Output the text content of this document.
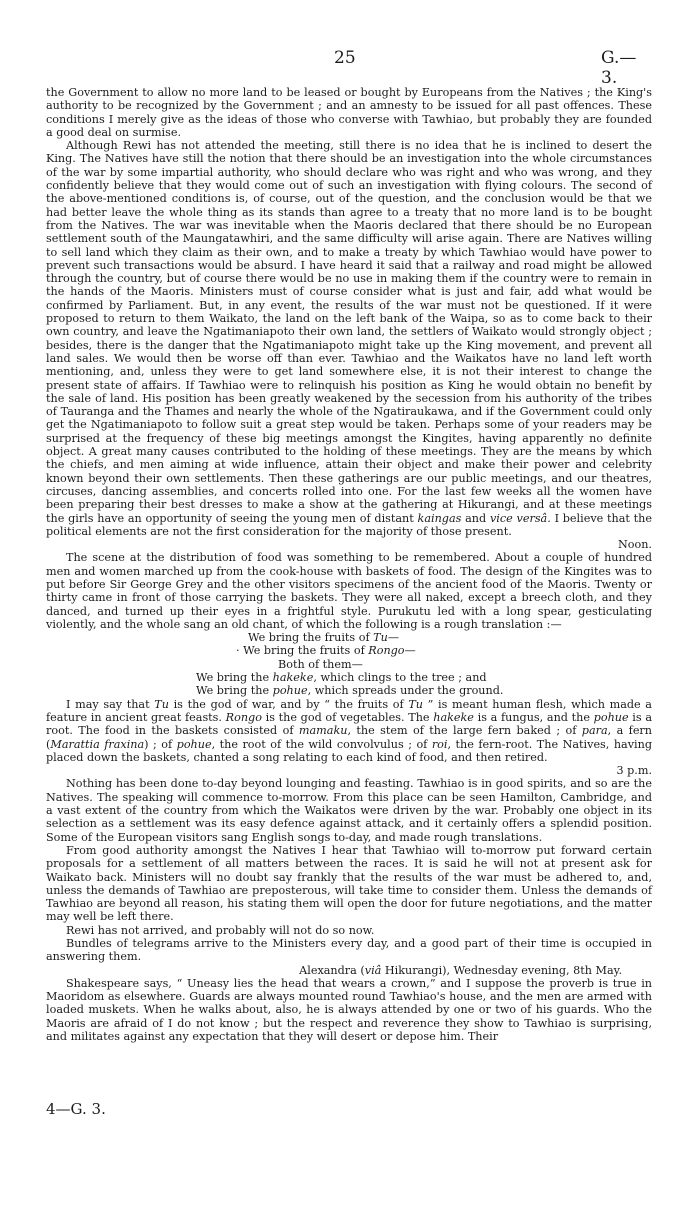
25	G.—3.

the Government to allow no more land to be leased or bought by Europeans from the Natives ; the King's authority to be recognized by the Government ; and an amnesty to be issued for all past offences. These conditions I merely give as the ideas of those who converse with Tawhiao, but probably they are founded a good deal on surmise.

Although Rewi has not attended the meeting, still there is no idea that he is inclined to desert the King. The Natives have still the notion that there should be an investigation into the whole circumstances of the war by some impartial authority, who should declare who was right and who was wrong, and they confidently believe that they would come out of such an investigation with flying colours. The second of the above-mentioned conditions is, of course, out of the question, and the conclusion would be that we had better leave the whole thing as its stands than agree to a treaty that no more land is to be bought from the Natives. The war was inevitable when the Maoris declared that there should be no European settlement south of the Maungatawhiri, and the same difficulty will arise again. There are Natives willing to sell land which they claim as their own, and to make a treaty by which Tawhiao would have power to prevent such transactions would be absurd. I have heard it said that a railway and road might be allowed through the country, but of course there would be no use in making them if the country were to remain in the hands of the Maoris. Ministers must of course consider what is just and fair, add what would be confirmed by Parliament. But, in any event, the results of the war must not be questioned. If it were proposed to return to them Waikato, the land on the left bank of the Waipa, so as to come back to their own country, and leave the Ngatimaniapoto their own land, the settlers of Waikato would strongly object ; besides, there is the danger that the Ngatimaniapoto might take up the King movement, and prevent all land sales. We would then be worse off than ever. Tawhiao and the Waikatos have no land left worth mentioning, and, unless they were to get land somewhere else, it is not their interest to change the present state of affairs. If Tawhiao were to relinquish his position as King he would obtain no benefit by the sale of land. His position has been greatly weakened by the secession from his authority of the tribes of Tauranga and the Thames and nearly the whole of the Ngatiraukawa, and if the Government could only get the Ngatimaniapoto to follow suit a great step would be taken. Perhaps some of your readers may be surprised at the frequency of these big meetings amongst the Kingites, having apparently no definite object. A great many causes contributed to the holding of these meetings. They are the means by which the chiefs, and men aiming at wide influence, attain their object and make their power and celebrity known beyond their own settlements. Then these gatherings are our public meetings, and our theatres, circuses, dancing assemblies, and concerts rolled into one. For the last few weeks all the women have been preparing their best dresses to make a show at the gathering at Hikurangi, and at these meetings the girls have an opportunity of seeing the young men of distant kaingas and vice versâ. I believe that the political elements are not the first consideration for the majority of those present.

Noon.

The scene at the distribution of food was something to be remembered. About a couple of hundred men and women marched up from the cook-house with baskets of food. The design of the Kingites was to put before Sir George Grey and the other visitors specimens of the ancient food of the Maoris. Twenty or thirty came in front of those carrying the baskets. They were all naked, except a breech cloth, and they danced, and turned up their eyes in a frightful style. Purukutu led with a long spear, gesticulating violently, and the whole sang an old chant, of which the following is a rough translation :—

We bring the fruits of Tu—

· We bring the fruits of Rongo—

Both of them—

We bring the hakeke, which clings to the tree ; and

We bring the pohue, which spreads under the ground.

I may say that Tu is the god of war, and by “ the fruits of Tu ” is meant human flesh, which made a feature in ancient great feasts. Rongo is the god of vegetables. The hakeke is a fungus, and the pohue is a root. The food in the baskets consisted of mamaku, the stem of the large fern baked ; of para, a fern (Marattia fraxina) ; of pohue, the root of the wild convolvulus ; of roi, the fern-root. The Natives, having placed down the baskets, chanted a song relating to each kind of food, and then retired.

3 p.m.

Nothing has been done to-day beyond lounging and feasting. Tawhiao is in good spirits, and so are the Natives. The speaking will commence to-morrow. From this place can be seen Hamilton, Cambridge, and a vast extent of the country from which the Waikatos were driven by the war. Probably one object in its selection as a settlement was its easy defence against attack, and it certainly offers a splendid position. Some of the European visitors sang English songs to-day, and made rough translations.

From good authority amongst the Natives I hear that Tawhiao will to-morrow put forward certain proposals for a settlement of all matters between the races. It is said he will not at present ask for Waikato back. Ministers will no doubt say frankly that the results of the war must be adhered to, and, unless the demands of Tawhiao are preposterous, will take time to consider them. Unless the demands of Tawhiao are beyond all reason, his stating them will open the door for future negotiations, and the matter may well be left there.

Rewi has not arrived, and probably will not do so now.

Bundles of telegrams arrive to the Ministers every day, and a good part of their time is occupied in answering them.

Alexandra (viâ Hikurangi), Wednesday evening, 8th May.

Shakespeare says, “ Uneasy lies the head that wears a crown,” and I suppose the proverb is true in Maoridom as elsewhere. Guards are always mounted round Tawhiao's house, and the men are armed with loaded muskets. When he walks about, also, he is always attended by one or two of his guards. Who the Maoris are afraid of I do not know ; but the respect and reverence they show to Tawhiao is surprising, and militates against any expectation that they will desert or depose him. Their

4—G. 3.
